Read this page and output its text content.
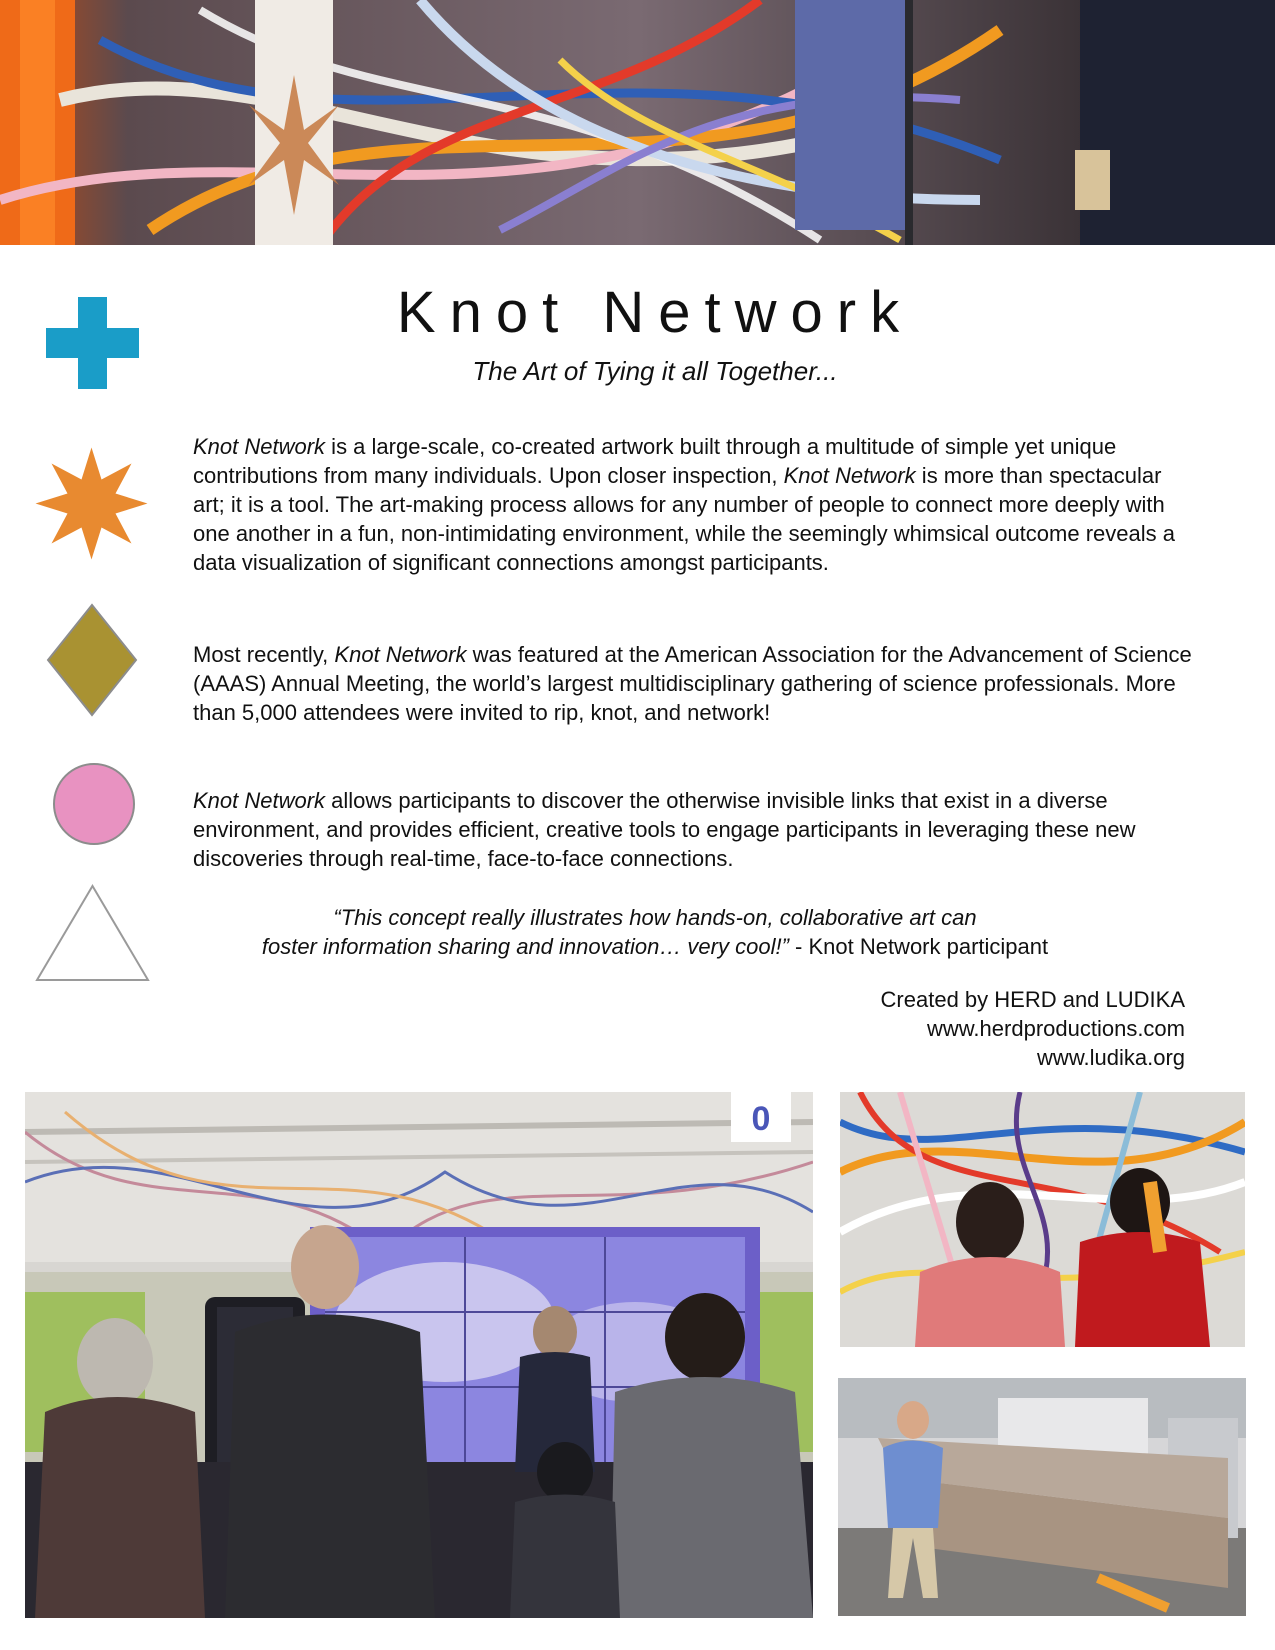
Knot Network

The Art of Tying it all Together...

Knot Network is a large-scale, co-created artwork built through a multitude of simple yet unique contributions from many individuals. Upon closer inspection, Knot Network is more than spectacular art; it is a tool. The art-making process allows for any number of people to connect more deeply with one another in a fun, non-intimidating environment, while the seemingly whimsical outcome reveals a data visualization of significant connections amongst participants.

Most recently, Knot Network was featured at the American Association for the Advancement of Science (AAAS) Annual Meeting, the world’s largest multidisciplinary gathering of science professionals. More than 5,000 attendees were invited to rip, knot, and network!

Knot Network allows participants to discover the otherwise invisible links that exist in a diverse environment, and provides efficient, creative tools to engage participants in leveraging these new discoveries through real-time, face-to-face connections.

“This concept really illustrates how hands-on, collaborative art can
foster information sharing and innovation… very cool!” - Knot Network participant
Created by HERD and LUDIKA
www.herdproductions.com
www.ludika.org
0
